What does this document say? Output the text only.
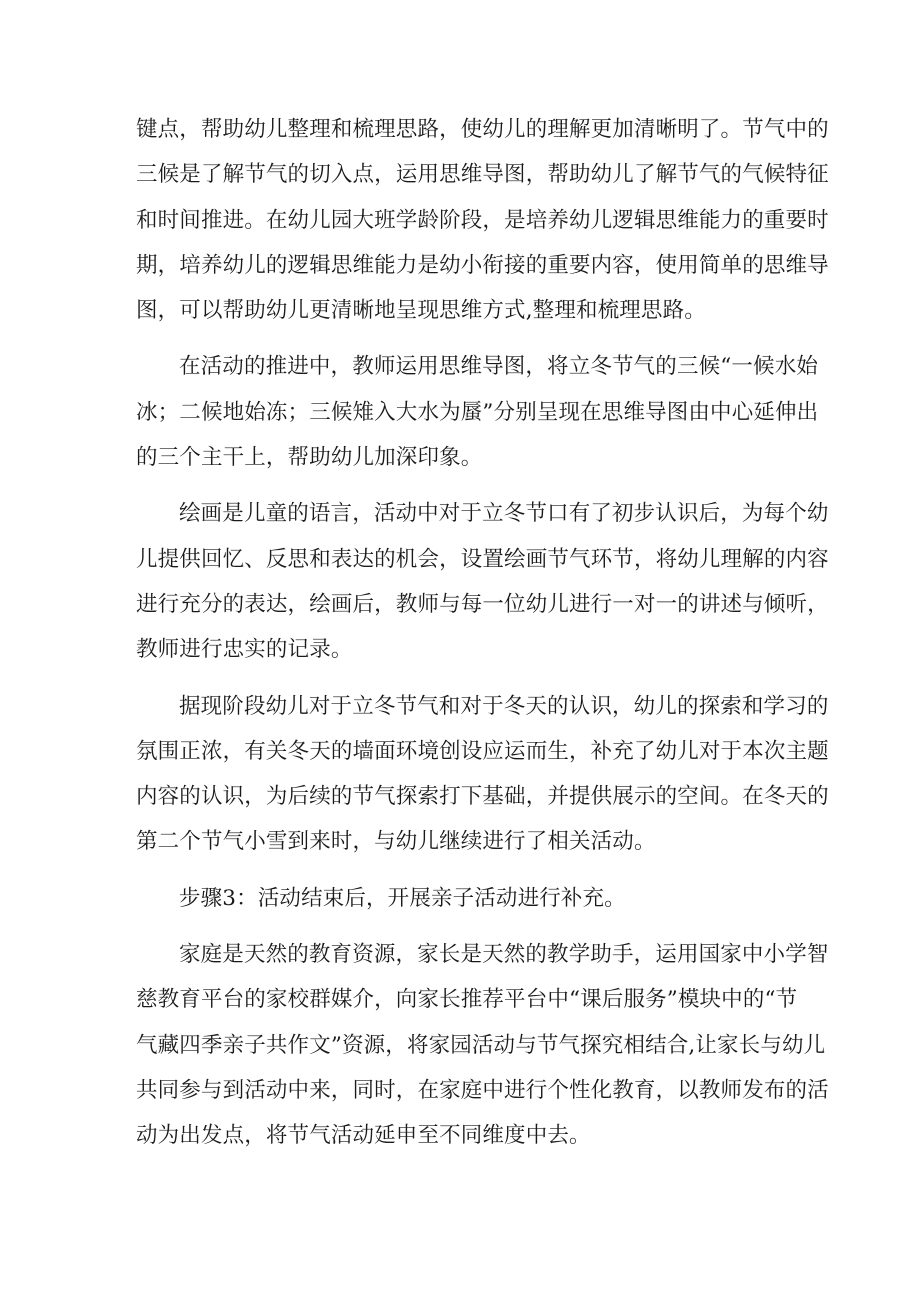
键点，帮助幼儿整理和梳理思路，使幼儿的理解更加清晰明了。节气中的
三候是了解节气的切入点，运用思维导图，帮助幼儿了解节气的气候特征
和时间推进。在幼儿园大班学龄阶段，是培养幼儿逻辑思维能力的重要时
期，培养幼儿的逻辑思维能力是幼小衔接的重要内容，使用简单的思维导
图，可以帮助幼儿更清晰地呈现思维方式,整理和梳理思路。

在活动的推进中，教师运用思维导图，将立冬节气的三候“一候水始
冰；二候地始冻；三候雉入大水为蜃”分别呈现在思维导图由中心延伸出
的三个主干上，帮助幼儿加深印象。

绘画是儿童的语言，活动中对于立冬节口有了初步认识后，为每个幼
儿提供回忆、反思和表达的机会，设置绘画节气环节，将幼儿理解的内容
进行充分的表达，绘画后，教师与每一位幼儿进行一对一的讲述与倾听，
教师进行忠实的记录。

据现阶段幼儿对于立冬节气和对于冬天的认识，幼儿的探索和学习的
氛围正浓，有关冬天的墙面环境创设应运而生，补充了幼儿对于本次主题
内容的认识，为后续的节气探索打下基础，并提供展示的空间。在冬天的
第二个节气小雪到来时，与幼儿继续进行了相关活动。

步骤3：活动结束后，开展亲子活动进行补充。

家庭是天然的教育资源，家长是天然的教学助手，运用国家中小学智
慈教育平台的家校群媒介，向家长推荐平台中“课后服务”模块中的“节
气藏四季亲子共作文”资源，将家园活动与节气探究相结合,让家长与幼儿
共同参与到活动中来，同时，在家庭中进行个性化教育，以教师发布的活
动为出发点，将节气活动延申至不同维度中去。
